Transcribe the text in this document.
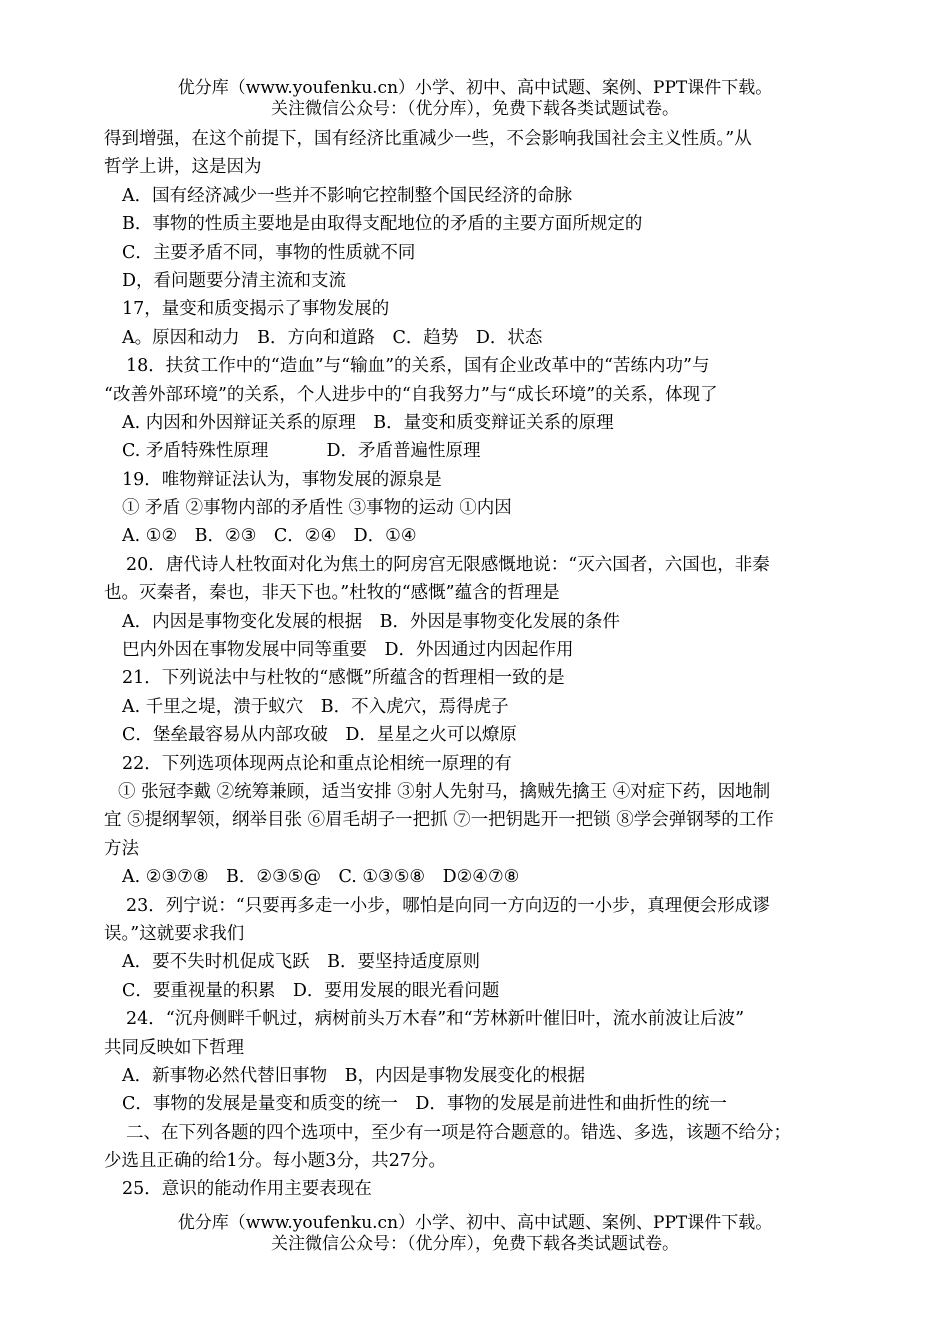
优分库（www.youfenku.cn）小学、初中、高中试题、案例、PPT课件下载。
关注微信公众号：（优分库），免费下载各类试题试卷。
得到增强，在这个前提下，国有经济比重减少一些，不会影响我国社会主义性质。”从
哲学上讲，这是因为
A．国有经济减少一些并不影响它控制整个国民经济的命脉
B．事物的性质主要地是由取得支配地位的矛盾的主要方面所规定的
C．主要矛盾不同，事物的性质就不同
D，看问题要分清主流和支流
17，量变和质变揭示了事物发展的
A。原因和动力　B．方向和道路　C．趋势　D．状态
18．扶贫工作中的“造血”与“输血”的关系，国有企业改革中的“苦练内功”与
“改善外部环境”的关系，个人进步中的“自我努力”与“成长环境”的关系，体现了
A. 内因和外因辩证关系的原理　B．量变和质变辩证关系的原理
C. 矛盾特殊性原理　　　 D．矛盾普遍性原理
19．唯物辩证法认为，事物发展的源泉是
① 矛盾 ②事物内部的矛盾性 ③事物的运动 ①内因
A. ①②　B．②③　C．②④　D．①④
20．唐代诗人杜牧面对化为焦土的阿房宫无限感慨地说：“灭六国者，六国也，非秦
也。灭秦者，秦也，非天下也。”杜牧的“感慨”蕴含的哲理是
A．内因是事物变化发展的根据　B．外因是事物变化发展的条件
巴内外因在事物发展中同等重要　D．外因通过内因起作用
21．下列说法中与杜牧的“感慨”所蕴含的哲理相一致的是
A. 千里之堤，溃于蚁穴　B．不入虎穴，焉得虎子
C．堡垒最容易从内部攻破　D．星星之火可以燎原
22．下列选项体现两点论和重点论相统一原理的有
① 张冠李戴 ②统筹兼顾，适当安排 ③射人先射马，擒贼先擒王 ④对症下药，因地制
宜 ⑤提纲挈领，纲举目张 ⑥眉毛胡子一把抓 ⑦一把钥匙开一把锁 ⑧学会弹钢琴的工作
方法
A. ②③⑦⑧　B．②③⑤@　C. ①③⑤⑧　D②④⑦⑧
23．列宁说：“只要再多走一小步，哪怕是向同一方向迈的一小步，真理便会形成谬
误。”这就要求我们
A．要不失时机促成飞跃　B．要坚持适度原则
C．要重视量的积累　D．要用发展的眼光看问题
24．“沉舟侧畔千帆过，病树前头万木春”和“芳林新叶催旧叶，流水前波让后波”
共同反映如下哲理
A．新事物必然代替旧事物　B，内因是事物发展变化的根据
C．事物的发展是量变和质变的统一　D．事物的发展是前进性和曲折性的统一
二、在下列各题的四个选项中，至少有一项是符合题意的。错选、多选，该题不给分；
少选且正确的给1分。每小题3分，共27分。
25．意识的能动作用主要表现在
优分库（www.youfenku.cn）小学、初中、高中试题、案例、PPT课件下载。
关注微信公众号：（优分库），免费下载各类试题试卷。
